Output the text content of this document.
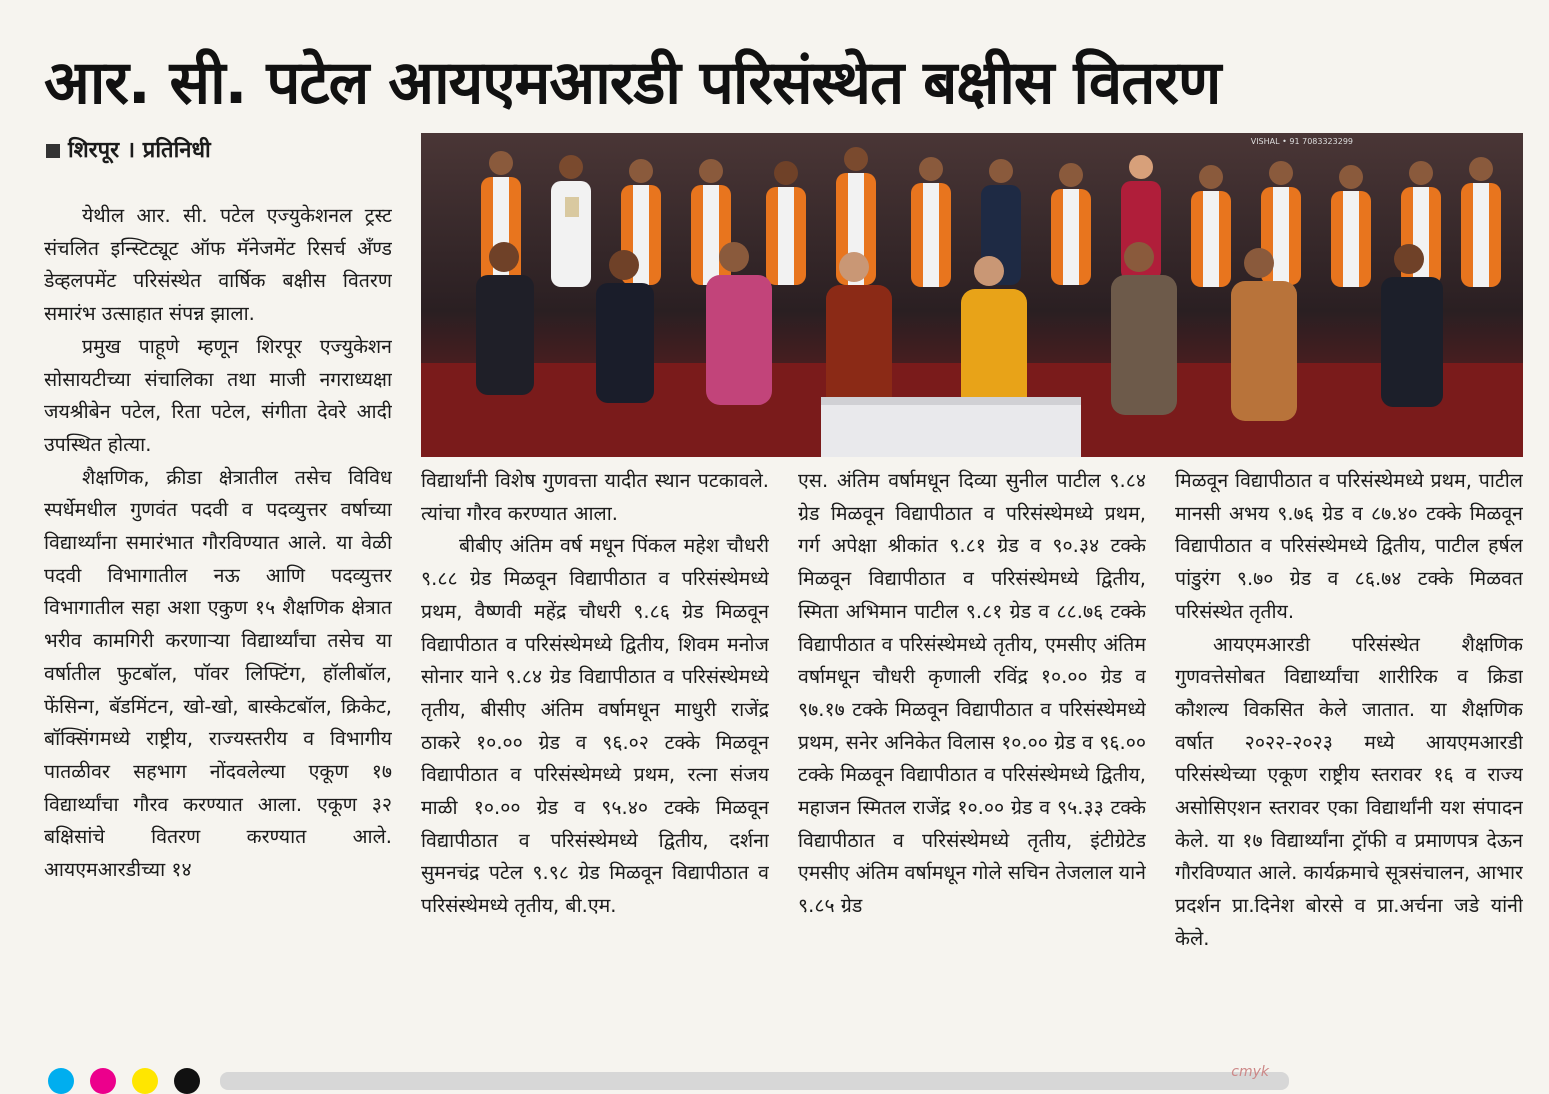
आर. सी. पटेल आयएमआरडी परिसंस्थेत बक्षीस वितरण
शिरपूर । प्रतिनिधी

येथील आर. सी. पटेल एज्युकेशनल ट्रस्ट संचलित इन्स्टिट्यूट ऑफ मॅनेजमेंट रिसर्च अँण्ड डेव्हलपमेंट परिसंस्थेत वार्षिक बक्षीस वितरण समारंभ उत्साहात संपन्न झाला.

प्रमुख पाहूणे म्हणून शिरपूर एज्युकेशन सोसायटीच्या संचालिका तथा माजी नगराध्यक्षा जयश्रीबेन पटेल, रिता पटेल, संगीता देवरे आदी उपस्थित होत्या.

शैक्षणिक, क्रीडा क्षेत्रातील तसेच विविध स्पर्धेमधील गुणवंत पदवी व पदव्युत्तर वर्षाच्या विद्यार्थ्यांना समारंभात गौरविण्यात आले. या वेळी पदवी विभागातील नऊ आणि पदव्युत्तर विभागातील सहा अशा एकुण १५ शैक्षणिक क्षेत्रात भरीव कामगिरी करणाऱ्या विद्यार्थ्यांचा तसेच या वर्षातील फुटबॉल, पॉवर लिफ्टिंग, हॉलीबॉल, फेंसिन्ग, बॅडमिंटन, खो-खो, बास्केटबॉल, क्रिकेट, बॉक्सिंगमध्ये राष्ट्रीय, राज्यस्तरीय व विभागीय पातळीवर सहभाग नोंदवलेल्या एकूण १७ विद्यार्थ्यांचा गौरव करण्यात आला. एकूण ३२ बक्षिसांचे वितरण करण्यात आले. आयएमआरडीच्या १४

VISHAL • 91 7083323299

विद्यार्थांनी विशेष गुणवत्ता यादीत स्थान पटकावले. त्यांचा गौरव करण्यात आला.

बीबीए अंतिम वर्ष मधून पिंकल महेश चौधरी ९.८८ ग्रेड मिळवून विद्यापीठात व परिसंस्थेमध्ये प्रथम, वैष्णवी महेंद्र चौधरी ९.८६ ग्रेड मिळवून विद्यापीठात व परिसंस्थेमध्ये द्वितीय, शिवम मनोज सोनार याने ९.८४ ग्रेड विद्यापीठात व परिसंस्थेमध्ये तृतीय, बीसीए अंतिम वर्षामधून माधुरी राजेंद्र ठाकरे १०.०० ग्रेड व ९६.०२ टक्के मिळवून विद्यापीठात व परिसंस्थेमध्ये प्रथम, रत्ना संजय माळी १०.०० ग्रेड व ९५.४० टक्के मिळवून विद्यापीठात व परिसंस्थेमध्ये द्वितीय, दर्शना सुमनचंद्र पटेल ९.९८ ग्रेड मिळवून विद्यापीठात व परिसंस्थेमध्ये तृतीय, बी.एम.

एस. अंतिम वर्षामधून दिव्या सुनील पाटील ९.८४ ग्रेड मिळवून विद्यापीठात व परिसंस्थेमध्ये प्रथम, गर्ग अपेक्षा श्रीकांत ९.८१ ग्रेड व ९०.३४ टक्के मिळवून विद्यापीठात व परिसंस्थेमध्ये द्वितीय, स्मिता अभिमान पाटील ९.८१ ग्रेड व ८८.७६ टक्के विद्यापीठात व परिसंस्थेमध्ये तृतीय, एमसीए अंतिम वर्षामधून चौधरी कृणाली रविंद्र १०.०० ग्रेड व ९७.१७ टक्के मिळवून विद्यापीठात व परिसंस्थेमध्ये प्रथम, सनेर अनिकेत विलास १०.०० ग्रेड व ९६.०० टक्के मिळवून विद्यापीठात व परिसंस्थेमध्ये द्वितीय, महाजन स्मितल राजेंद्र १०.०० ग्रेड व ९५.३३ टक्के विद्यापीठात व परिसंस्थेमध्ये तृतीय, इंटीग्रेटेड एमसीए अंतिम वर्षामधून गोले सचिन तेजलाल याने ९.८५ ग्रेड

मिळवून विद्यापीठात व परिसंस्थेमध्ये प्रथम, पाटील मानसी अभय ९.७६ ग्रेड व ८७.४० टक्के मिळवून विद्यापीठात व परिसंस्थेमध्ये द्वितीय, पाटील हर्षल पांडुरंग ९.७० ग्रेड व ८६.७४ टक्के मिळवत परिसंस्थेत तृतीय.

आयएमआरडी परिसंस्थेत शैक्षणिक गुणवत्तेसोबत विद्यार्थ्यांचा शारीरिक व क्रिडा कौशल्य विकसित केले जातात. या शैक्षणिक वर्षात २०२२-२०२३ मध्ये आयएमआरडी परिसंस्थेच्या एकूण राष्ट्रीय स्तरावर १६ व राज्य असोसिएशन स्तरावर एका विद्यार्थांनी यश संपादन केले. या १७ विद्यार्थ्यांना ट्रॉफी व प्रमाणपत्र देऊन गौरविण्यात आले. कार्यक्रमाचे सूत्रसंचालन, आभार प्रदर्शन प्रा.दिनेश बोरसे व प्रा.अर्चना जडे यांनी केले.

cmyk
